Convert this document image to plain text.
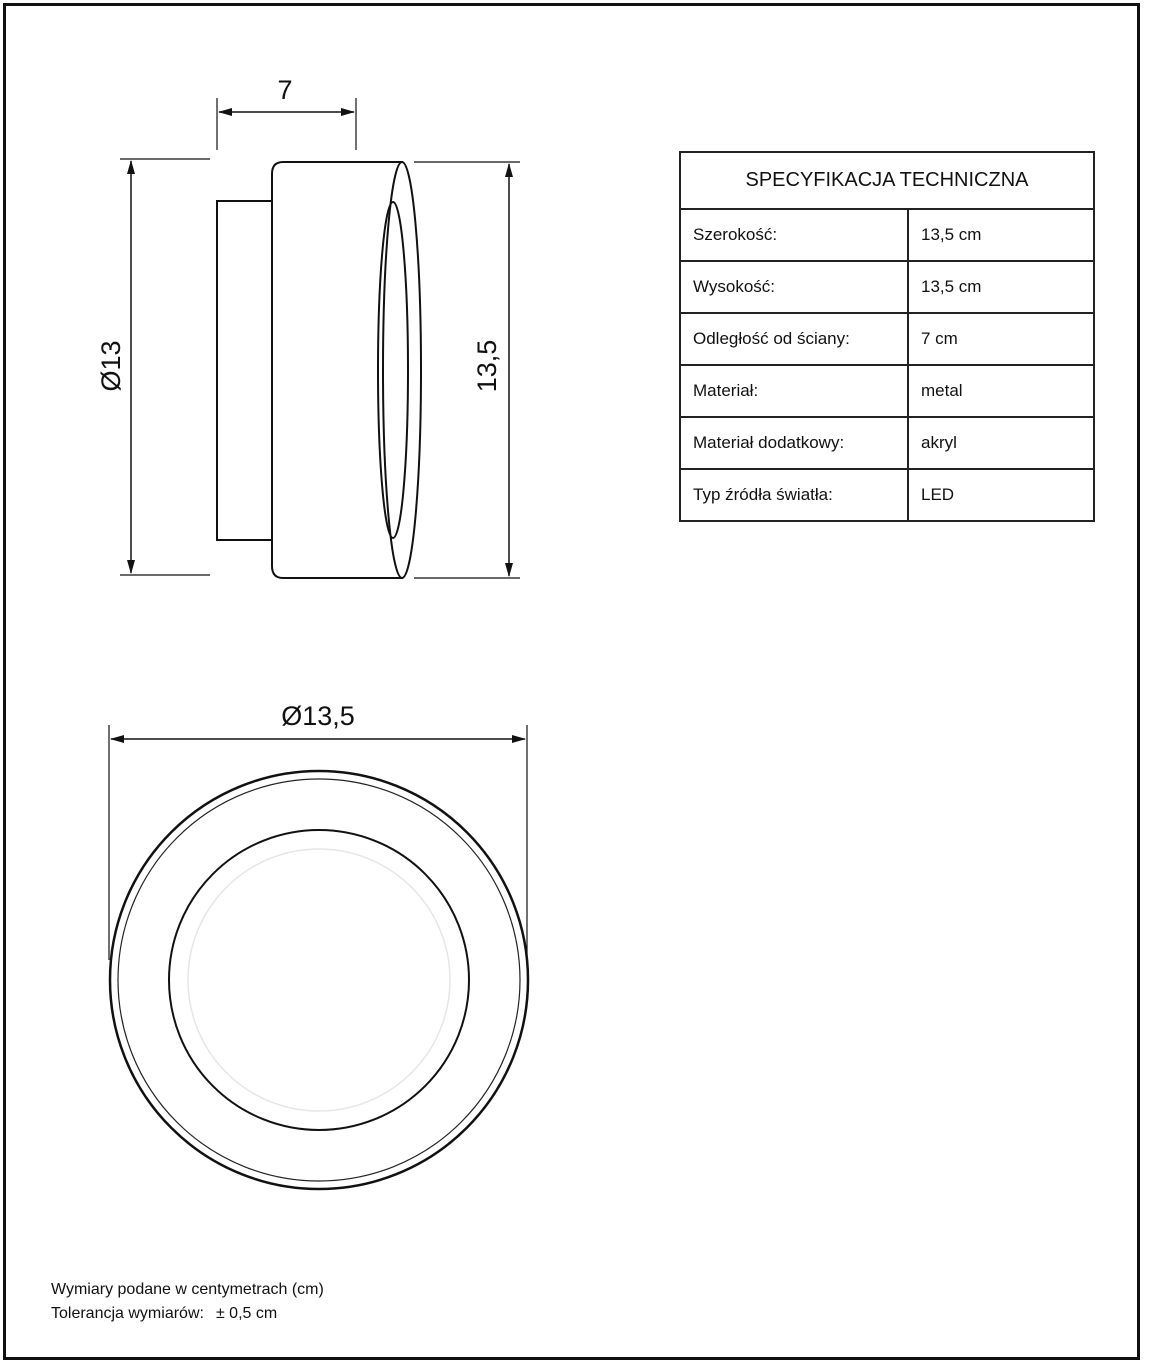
7
Ø13	13,5
Ø13,5
SPECYFIKACJA TECHNICZNA	
Szerokość:	13,5 cm
Wysokość:	13,5 cm
Odległość od ściany:	7 cm
Materiał:	metal
Materiał dodatkowy:	akryl
Typ źródła światła:	LED
Wymiary podane w centymetrach (cm)
Tolerancja wymiarów: ± 0,5 cm
